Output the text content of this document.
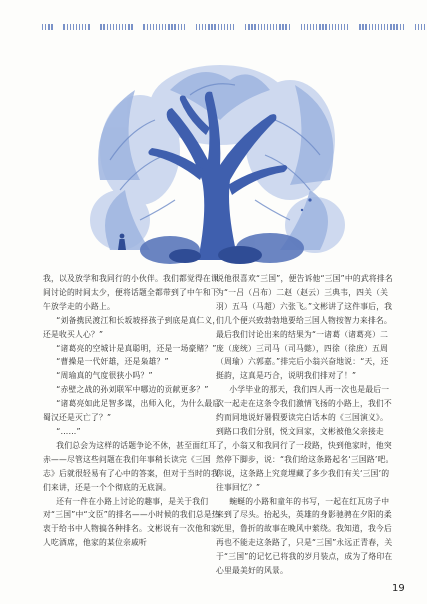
我，以及放学和我同行的小伙伴。我们都觉得在课间讨论的时间太少，便将话题全都带到了中午和下午放学走的小路上。

“刘备携民渡江和长坂坡择孩子到底是真仁义，还是收买人心？”

“诸葛亮的空城计是真聪明，还是一场豪赌？”

“曹操是一代奸雄，还是枭雄？”

“周瑜真的气度很狭小吗？”

“赤壁之战的孙刘联军中哪边的贡献更多？”

“诸葛亮如此足智多谋，出师入化，为什么最后蜀汉还是灭亡了？”

“……”

我们总会为这样的话题争论不休，甚至面红耳赤——尽管这些问题在我们年事稍长读完《三国志》后就很轻易有了心中的答案，但对于当时的我们来讲，还是一个个彻底的无底洞。

还有一件在小路上讨论的趣事，是关于我们对“三国”中“文臣”的排名——小时候的我们总是热衷于给书中人物搞各种排名。文彬说有一次他和家人吃酒席，他家的某位亲戚听

说他很喜欢“三国”，便告诉他“三国”中的武将排名为“一吕（吕布）二赵（赵云）三典韦，四关（关羽）五马（马超）六张飞。”文彬讲了这件事后，我们几个便兴致勃勃地要给三国人物按智力来排名。最后我们讨论出来的结果为“一诸葛（诸葛亮）二庞（庞统）三司马（司马懿），四徐（徐庶）五周（周瑜）六郭嘉。”排完后小翁兴奋地说：“天，还挺韵，这真是巧合，说明我们排对了！”

小学毕业的那天，我们四人再一次也是最后一次一起走在这条令我们激情飞扬的小路上，我们不约而同地说好暑假要读完白话本的《三国演义》。到路口我们分别，悦文回家，文彬被他父亲接走了，小翁又和我同行了一段路，快到他家时，他突然停下脚步，说：“我们给这条路起名‘三国路’吧。你说，这条路上究竟埋藏了多少我们有关‘三国’的往事回忆？”

蜿蜒的小路和童年的书写，一起在红瓦房子中来到了尽头。抬起头，英雄的身影驰骋在夕阳的柔光里，鲁折的故事在晚风中萦绕。我知道，我今后再也不能走这条路了，只是“三国”永远正青春，关于“三国”的记忆已将我的岁月装点，成为了烙印在心里最美好的风景。

19
